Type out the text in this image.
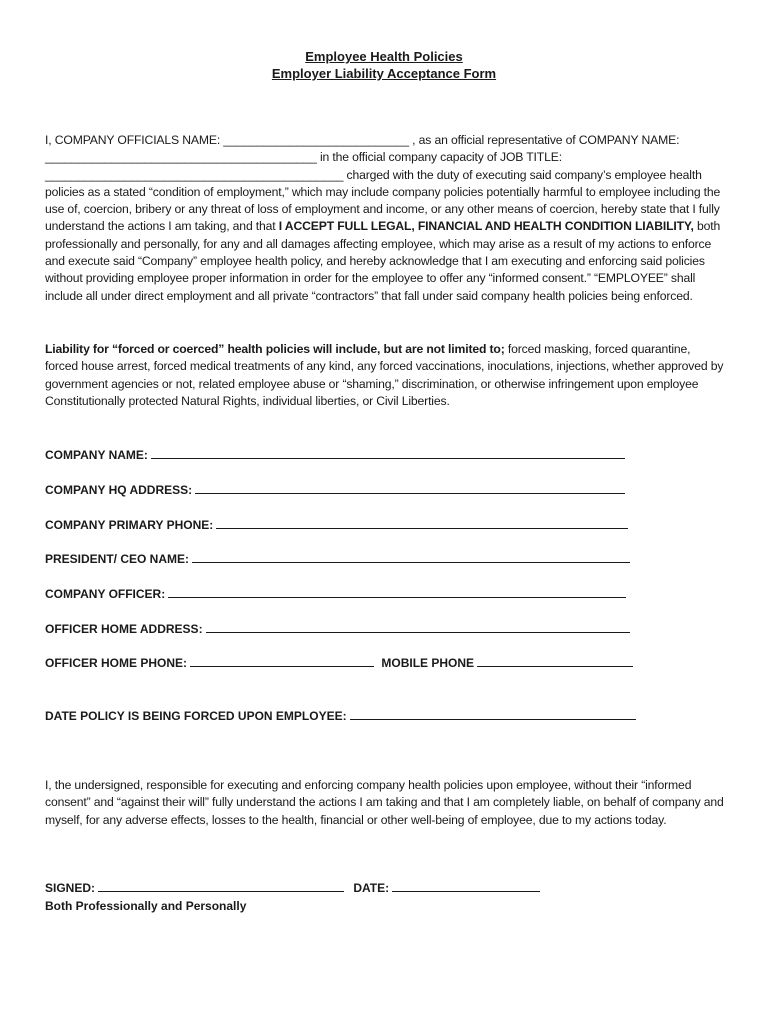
Employee Health Policies
Employer Liability Acceptance Form
I, COMPANY OFFICIALS NAME: ____________________________ , as an official representative of COMPANY NAME: _________________________________________ in the official company capacity of JOB TITLE: _____________________________________________ charged with the duty of executing said company’s employee health policies as a stated “condition of employment,” which may include company policies potentially harmful to employee including the use of, coercion, bribery or any threat of loss of employment and income, or any other means of coercion, hereby state that I fully understand the actions I am taking, and that I ACCEPT FULL LEGAL, FINANCIAL AND HEALTH CONDITION LIABILITY, both professionally and personally, for any and all damages affecting employee, which may arise as a result of my actions to enforce and execute said “Company” employee health policy, and hereby acknowledge that I am executing and enforcing said policies without providing employee proper information in order for the employee to offer any “informed consent.” “EMPLOYEE” shall include all under direct employment and all private “contractors” that fall under said company health policies being enforced.
Liability for “forced or coerced” health policies will include, but are not limited to; forced masking, forced quarantine, forced house arrest, forced medical treatments of any kind, any forced vaccinations, inoculations, injections, whether approved by government agencies or not, related employee abuse or “shaming,” discrimination, or otherwise infringement upon employee Constitutionally protected Natural Rights, individual liberties, or Civil Liberties.
COMPANY NAME:
COMPANY HQ ADDRESS:
COMPANY PRIMARY PHONE:
PRESIDENT/ CEO NAME:
COMPANY OFFICER:
OFFICER HOME ADDRESS:
OFFICER HOME PHONE:	MOBILE PHONE
DATE POLICY IS BEING FORCED UPON EMPLOYEE:
I, the undersigned, responsible for executing and enforcing company health policies upon employee, without their “informed consent” and “against their will” fully understand the actions I am taking and that I am completely liable, on behalf of company and myself, for any adverse effects, losses to the health, financial or other well-being of employee, due to my actions today.
SIGNED:	DATE:
Both Professionally and Personally
